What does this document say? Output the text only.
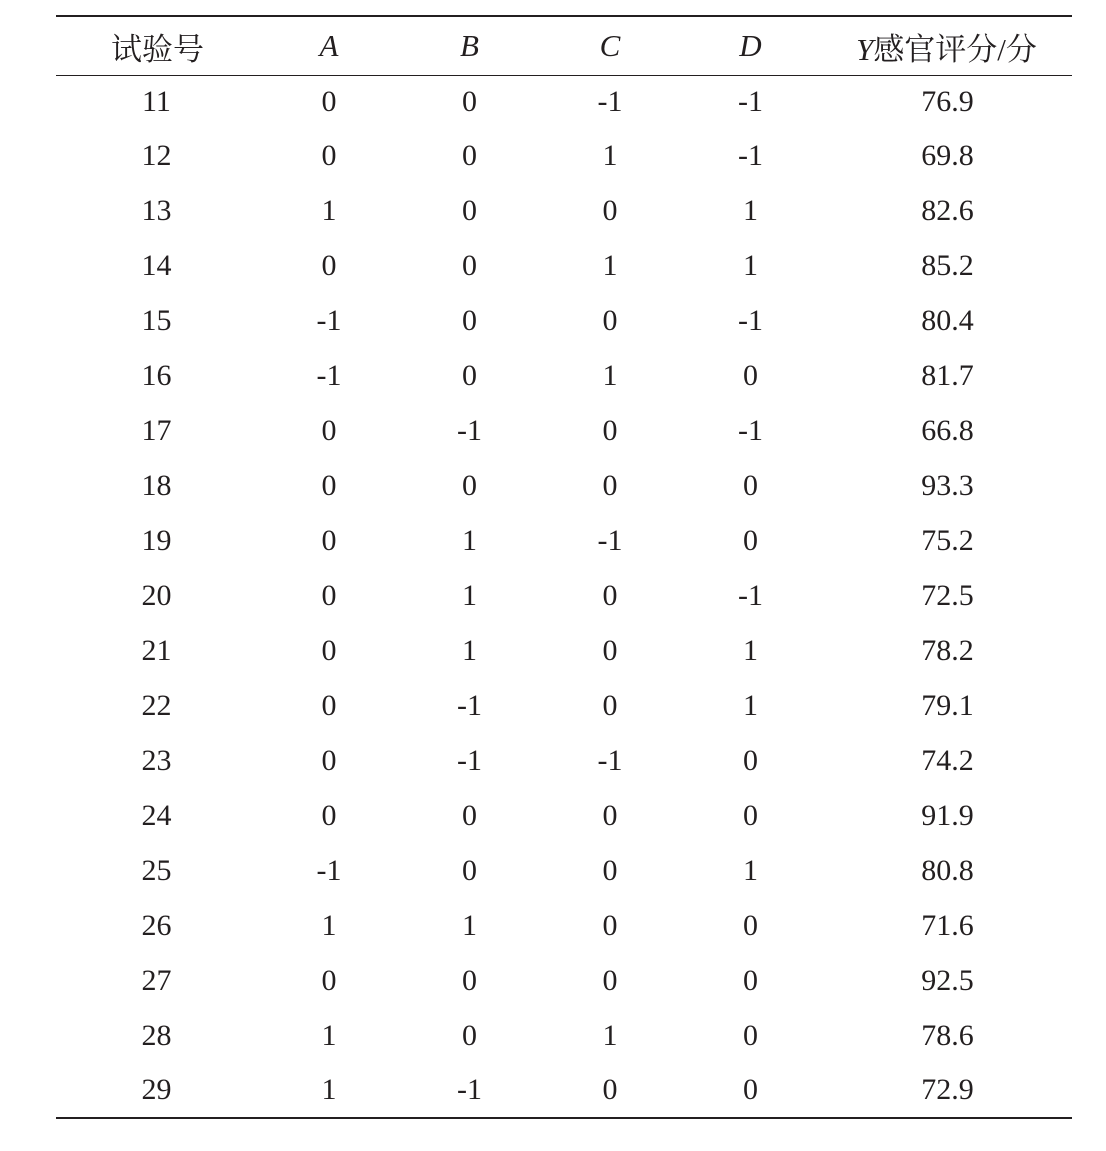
试验号	A	B	C	D	Y感官评分/分
11	0	0	-1	-1	76.9
12	0	0	1	-1	69.8
13	1	0	0	1	82.6
14	0	0	1	1	85.2
15	-1	0	0	-1	80.4
16	-1	0	1	0	81.7
17	0	-1	0	-1	66.8
18	0	0	0	0	93.3
19	0	1	-1	0	75.2
20	0	1	0	-1	72.5
21	0	1	0	1	78.2
22	0	-1	0	1	79.1
23	0	-1	-1	0	74.2
24	0	0	0	0	91.9
25	-1	0	0	1	80.8
26	1	1	0	0	71.6
27	0	0	0	0	92.5
28	1	0	1	0	78.6
29	1	-1	0	0	72.9
